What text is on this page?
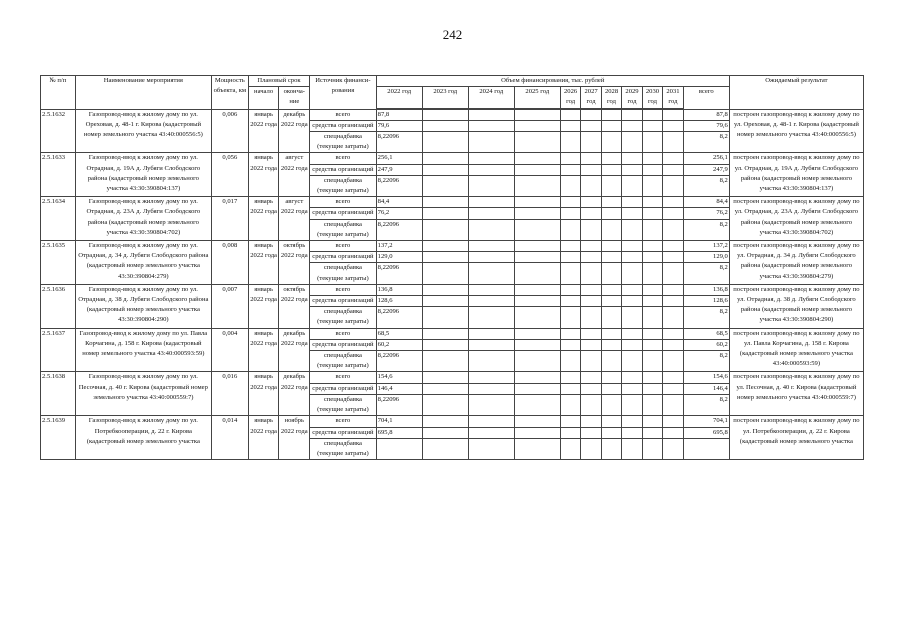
242
№ п/п	Наименование мероприятия	Мощность объекта, км	Плановый срок		Источник финанси-рования	Объем финансирования, тыс. рублей											Ожидаемый результат
			начало	оконча-ние		2022 год	2023 год	2024 год	2025 год	2026 год	2027 год	2028 год	2029 год	2030 год	2031 год	всего	

2.5.1632	Газопровод-ввод к жилому дому по ул. Ореховая, д. 48-1 г. Кирова (кадастровый номер земельного участка 43:40:000556:5)	0,006	январь 2022 года	декабрь 2022 года	всего	87,8										87,8	построен газопровод-ввод к жилому дому по ул. Ореховая, д. 48-1 г. Кирова (кадастровый номер земельного участка 43:40:000556:5)
					средства организаций	79,6										79,6	
					спецнадбавка (текущие затраты)	8,22096										8,2	
2.5.1633	Газопровод-ввод к жилому дому по ул. Отрадная, д. 19А д. Лубяги Слободского района (кадастровый номер земельного участка 43:30:390804:137)	0,056	январь 2022 года	август 2022 года	всего	256,1										256,1	построен газопровод-ввод к жилому дому по ул. Отрадная, д. 19А д. Лубяги Слободского района (кадастровый номер земельного участка 43:30:390804:137)
					средства организаций	247,9										247,9	
					спецнадбавка (текущие затраты)	8,22096										8,2	
2.5.1634	Газопровод-ввод к жилому дому по ул. Отрадная, д. 23А д. Лубяги Слободского района (кадастровый номер земельного участка 43:30:390804:702)	0,017	январь 2022 года	август 2022 года	всего	84,4										84,4	построен газопровод-ввод к жилому дому по ул. Отрадная, д. 23А д. Лубяги Слободского района (кадастровый номер земельного участка 43:30:390804:702)
					средства организаций	76,2										76,2	
					спецнадбавка (текущие затраты)	8,22096										8,2	
2.5.1635	Газопровод-ввод к жилому дому по ул. Отрадная, д. 34 д. Лубяги Слободского района (кадастровый номер земельного участка 43:30:390804:279)	0,008	январь 2022 года	октябрь 2022 года	всего	137,2										137,2	построен газопровод-ввод к жилому дому по ул. Отрадная, д. 34 д. Лубяги Слободского района (кадастровый номер земельного участка 43:30:390804:279)
					средства организаций	129,0										129,0	
					спецнадбавка (текущие затраты)	8,22096										8,2	
2.5.1636	Газопровод-ввод к жилому дому по ул. Отрадная, д. 38 д. Лубяги Слободского района (кадастровый номер земельного участка 43:30:390804:290)	0,007	январь 2022 года	октябрь 2022 года	всего	136,8										136,8	построен газопровод-ввод к жилому дому по ул. Отрадная, д. 38 д. Лубяги Слободского района (кадастровый номер земельного участка 43:30:390804:290)
					средства организаций	128,6										128,6	
					спецнадбавка (текущие затраты)	8,22096										8,2	
2.5.1637	Газопровод-ввод к жилому дому по ул. Павла Корчагина, д. 158 г. Кирова (кадастровый номер земельного участка 43:40:000593:59)	0,004	январь 2022 года	декабрь 2022 года	всего	68,5										68,5	построен газопровод-ввод к жилому дому по ул. Павла Корчагина, д. 158 г. Кирова (кадастровый номер земельного участка 43:40:000593:59)
					средства организаций	60,2										60,2	
					спецнадбавка (текущие затраты)	8,22096										8,2	
2.5.1638	Газопровод-ввод к жилому дому по ул. Песочная, д. 40 г. Кирова (кадастровый номер земельного участка 43:40:000559:7)	0,016	январь 2022 года	декабрь 2022 года	всего	154,6										154,6	построен газопровод-ввод к жилому дому по ул. Песочная, д. 40 г. Кирова (кадастровый номер земельного участка 43:40:000559:7)
					средства организаций	146,4										146,4	
					спецнадбавка (текущие затраты)	8,22096										8,2	
2.5.1639	Газопровод-ввод к жилому дому по ул. Потребкооперации, д. 22 г. Кирова (кадастровый номер земельного участка	0,014	январь 2022 года	ноябрь 2022 года	всего	704,1										704,1	построен газопровод-ввод к жилому дому по ул. Потребкооперации, д. 22 г. Кирова (кадастровый номер земельного участка
					средства организаций	695,8										695,8	
					спецнадбавка (текущие затраты)												
